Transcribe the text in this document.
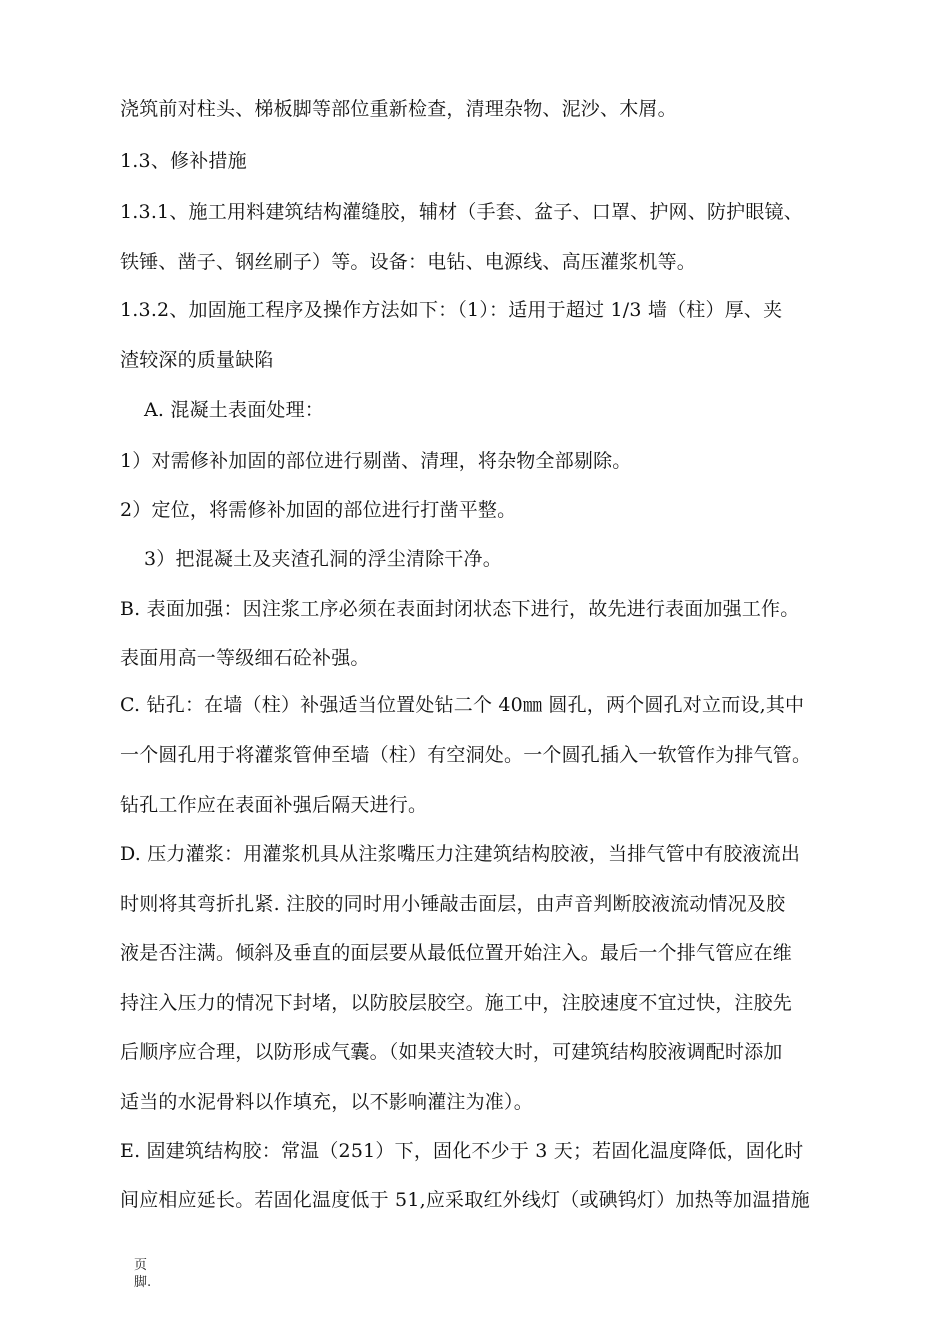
浇筑前对柱头、梯板脚等部位重新检查，清理杂物、泥沙、木屑。
1.3、修补措施
1.3.1、施工用料建筑结构灌缝胶，辅材（手套、盆子、口罩、护网、防护眼镜、
铁锤、凿子、钢丝刷子）等。设备：电钻、电源线、高压灌浆机等。
1.3.2、加固施工程序及操作方法如下：（1）：适用于超过 1/3 墙（柱）厚、夹
渣较深的质量缺陷
A. 混凝土表面处理：
1）对需修补加固的部位进行剔凿、清理，将杂物全部剔除。
2）定位，将需修补加固的部位进行打凿平整。
3）把混凝土及夹渣孔洞的浮尘清除干净。
B. 表面加强：因注浆工序必须在表面封闭状态下进行，故先进行表面加强工作。
表面用高一等级细石砼补强。
C. 钻孔：在墙（柱）补强适当位置处钻二个 40㎜ 圆孔，两个圆孔对立而设,其中
一个圆孔用于将灌浆管伸至墙（柱）有空洞处。一个圆孔插入一软管作为排气管。
钻孔工作应在表面补强后隔天进行。
D. 压力灌浆：用灌浆机具从注浆嘴压力注建筑结构胶液，当排气管中有胶液流出
时则将其弯折扎紧. 注胶的同时用小锤敲击面层，由声音判断胶液流动情况及胶
液是否注满。倾斜及垂直的面层要从最低位置开始注入。最后一个排气管应在维
持注入压力的情况下封堵，以防胶层胶空。施工中，注胶速度不宜过快，注胶先
后顺序应合理，以防形成气囊。（如果夹渣较大时，可建筑结构胶液调配时添加
适当的水泥骨料以作填充，以不影响灌注为准）。
E. 固建筑结构胶：常温（251）下，固化不少于 3 天；若固化温度降低，固化时
间应相应延长。若固化温度低于 51,应采取红外线灯（或碘钨灯）加热等加温措施
页
脚.
